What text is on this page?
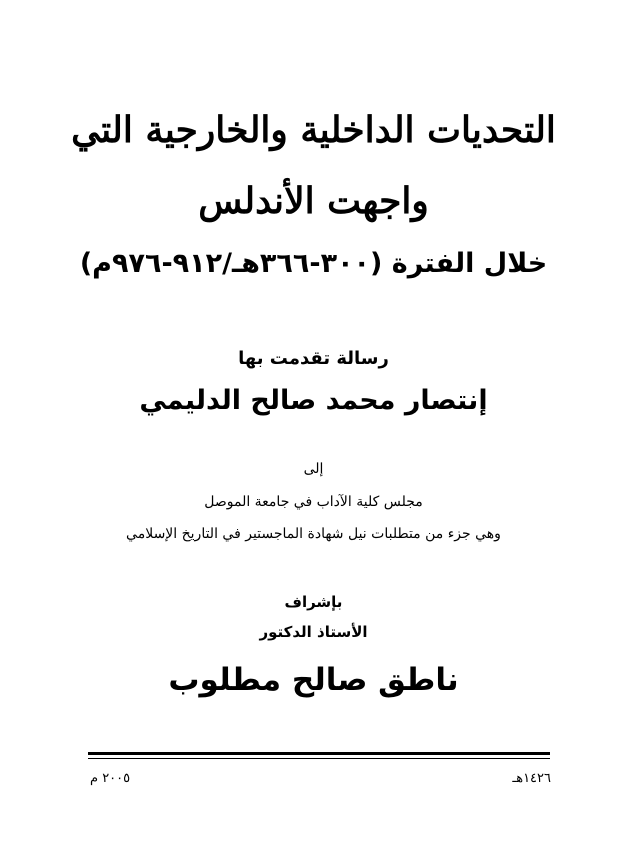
التحديات الداخلية والخارجية التي
واجهت الأندلس
خلال الفترة (٣٠٠-٣٦٦هـ/٩١٢-٩٧٦م)
رسالة تقدمت بها
إنتصار محمد صالح الدليمي
إلى
مجلس كلية الآداب في جامعة الموصل
وهي جزء من متطلبات نيل شهادة الماجستير في التاريخ الإسلامي
بإشراف
الأستاذ الدكتور
ناطق صالح مطلوب
١٤٢٦هـ
٢٠٠٥ م
